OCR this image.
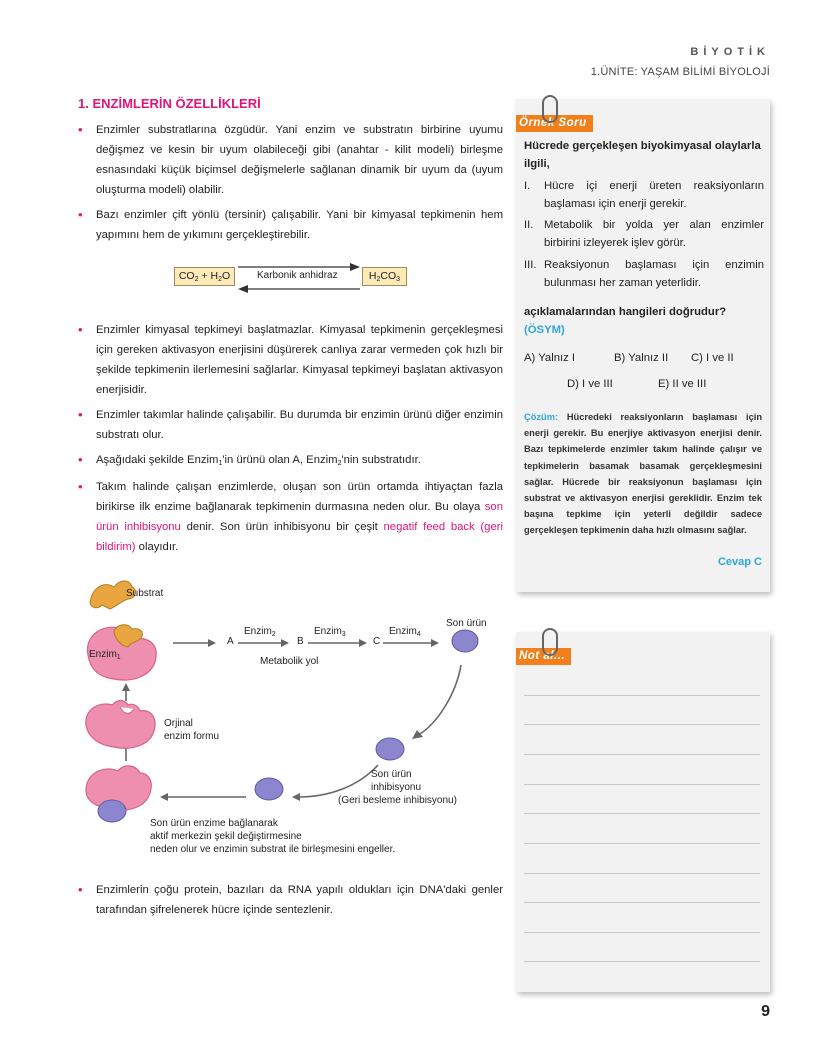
BİYOTİK
1.ÜNİTE: YAŞAM BİLİMİ BİYOLOJİ
1. ENZİMLERİN ÖZELLİKLERİ
• Enzimler substratlarına özgüdür. Yani enzim ve substratın birbirine uyumu değişmez ve kesin bir uyum olabileceği gibi (anahtar - kilit modeli) birleşme esnasındaki küçük biçimsel değişmelerle sağlanan dinamik bir uyum da (uyum oluşturma modeli) olabilir.
• Bazı enzimler çift yönlü (tersinir) çalışabilir. Yani bir kimyasal tepkimenin hem yapımını hem de yıkımını gerçekleştirebilir.
$CO_2 + H_2O$	Karbonik anhidraz	$H_2CO_3$
• Enzimler kimyasal tepkimeyi başlatmazlar. Kimyasal tepkimenin gerçekleşmesi için gereken aktivasyon enerjisini düşürerek canlıya zarar vermeden çok hızlı bir şekilde tepkimenin ilerlemesini sağlarlar. Kimyasal tepkimeyi başlatan aktivasyon enerjisidir.
• Enzimler takımlar halinde çalışabilir. Bu durumda bir enzimin ürünü diğer enzimin substratı olur.
• Aşağıdaki şekilde Enzim$_1$'in ürünü olan A, Enzim$_2$'nin substratıdır.
• Takım halinde çalışan enzimlerde, oluşan son ürün ortamda ihtiyaçtan fazla birikirse ilk enzime bağlanarak tepkimenin durmasına neden olur. Bu olaya son ürün inhibisyonu denir. Son ürün inhibisyonu bir çeşit negatif feed back (geri bildirim) olayıdır.
Substrat
Enzim$_1$
A	B	C
Enzim$_2$	Enzim$_3$	Enzim$_4$
Metabolik yol
Son ürün
Orjinal
enzim formu
Son ürün
inhibisyonu
(Geri besleme inhibisyonu)
Son ürün enzime bağlanarak
aktif merkezin şekil değiştirmesine
neden olur ve enzimin substrat ile birleşmesini engeller.
• Enzimlerin çoğu protein, bazıları da RNA yapılı oldukları için DNA'daki genler tarafından şifrelenerek hücre içinde sentezlenir.
Örnek Soru
Hücrede gerçekleşen biyokimyasal olaylarla ilgili,
I. Hücre içi enerji üreten reaksiyonların başlaması için enerji gerekir.
II. Metabolik bir yolda yer alan enzimler birbirini izleyerek işlev görür.
III. Reaksiyonun başlaması için enzimin bulunması her zaman yeterlidir.
açıklamalarından hangileri doğrudur?
(ÖSYM)
A) Yalnız I	B) Yalnız II C) I ve II
D) I ve III	E) II ve III
Çözüm: Hücredeki reaksiyonların başlaması için enerji gerekir. Bu enerjiye aktivasyon enerjisi denir. Bazı tepkimelerde enzimler takım halinde çalışır ve tepkimelerin basamak basamak gerçekleşmesini sağlar. Hücrede bir reaksiyonun başlaması için substrat ve aktivasyon enerjisi gereklidir. Enzim tek başına tepkime için yeterli değildir sadece gerçekleşen tepkimenin daha hızlı olmasını sağlar.
Cevap C
Not al...
9
